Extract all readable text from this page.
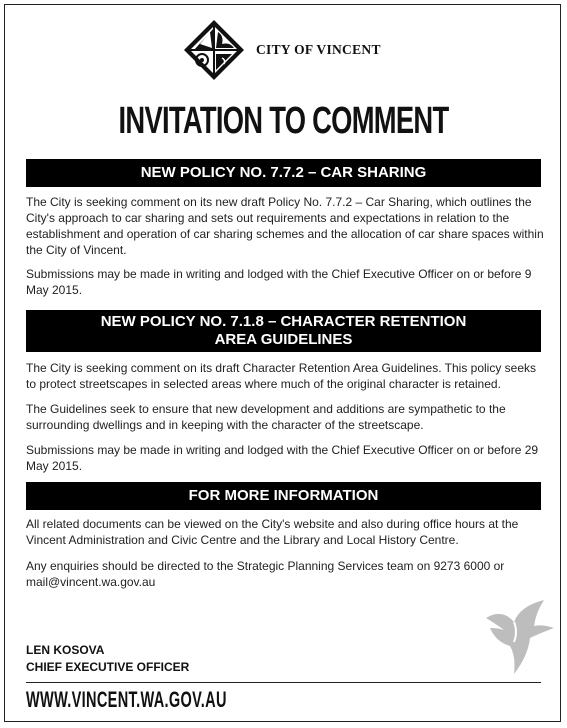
CITY OF VINCENT
INVITATION TO COMMENT
NEW POLICY NO. 7.7.2 – CAR SHARING

The City is seeking comment on its new draft Policy No. 7.7.2 – Car Sharing, which outlines the City's approach to car sharing and sets out requirements and expectations in relation to the establishment and operation of car sharing schemes and the allocation of car share spaces within the City of Vincent.

Submissions may be made in writing and lodged with the Chief Executive Officer on or before 9 May 2015.

NEW POLICY NO. 7.1.8 – CHARACTER RETENTION
AREA GUIDELINES

The City is seeking comment on its draft Character Retention Area Guidelines. This policy seeks to protect streetscapes in selected areas where much of the original character is retained.

The Guidelines seek to ensure that new development and additions are sympathetic to the surrounding dwellings and in keeping with the character of the streetscape.

Submissions may be made in writing and lodged with the Chief Executive Officer on or before 29 May 2015.

FOR MORE INFORMATION

All related documents can be viewed on the City's website and also during office hours at the Vincent Administration and Civic Centre and the Library and Local History Centre.

Any enquiries should be directed to the Strategic Planning Services team on 9273 6000 or mail@vincent.wa.gov.au

LEN KOSOVA
CHIEF EXECUTIVE OFFICER
WWW.VINCENT.WA.GOV.AU
